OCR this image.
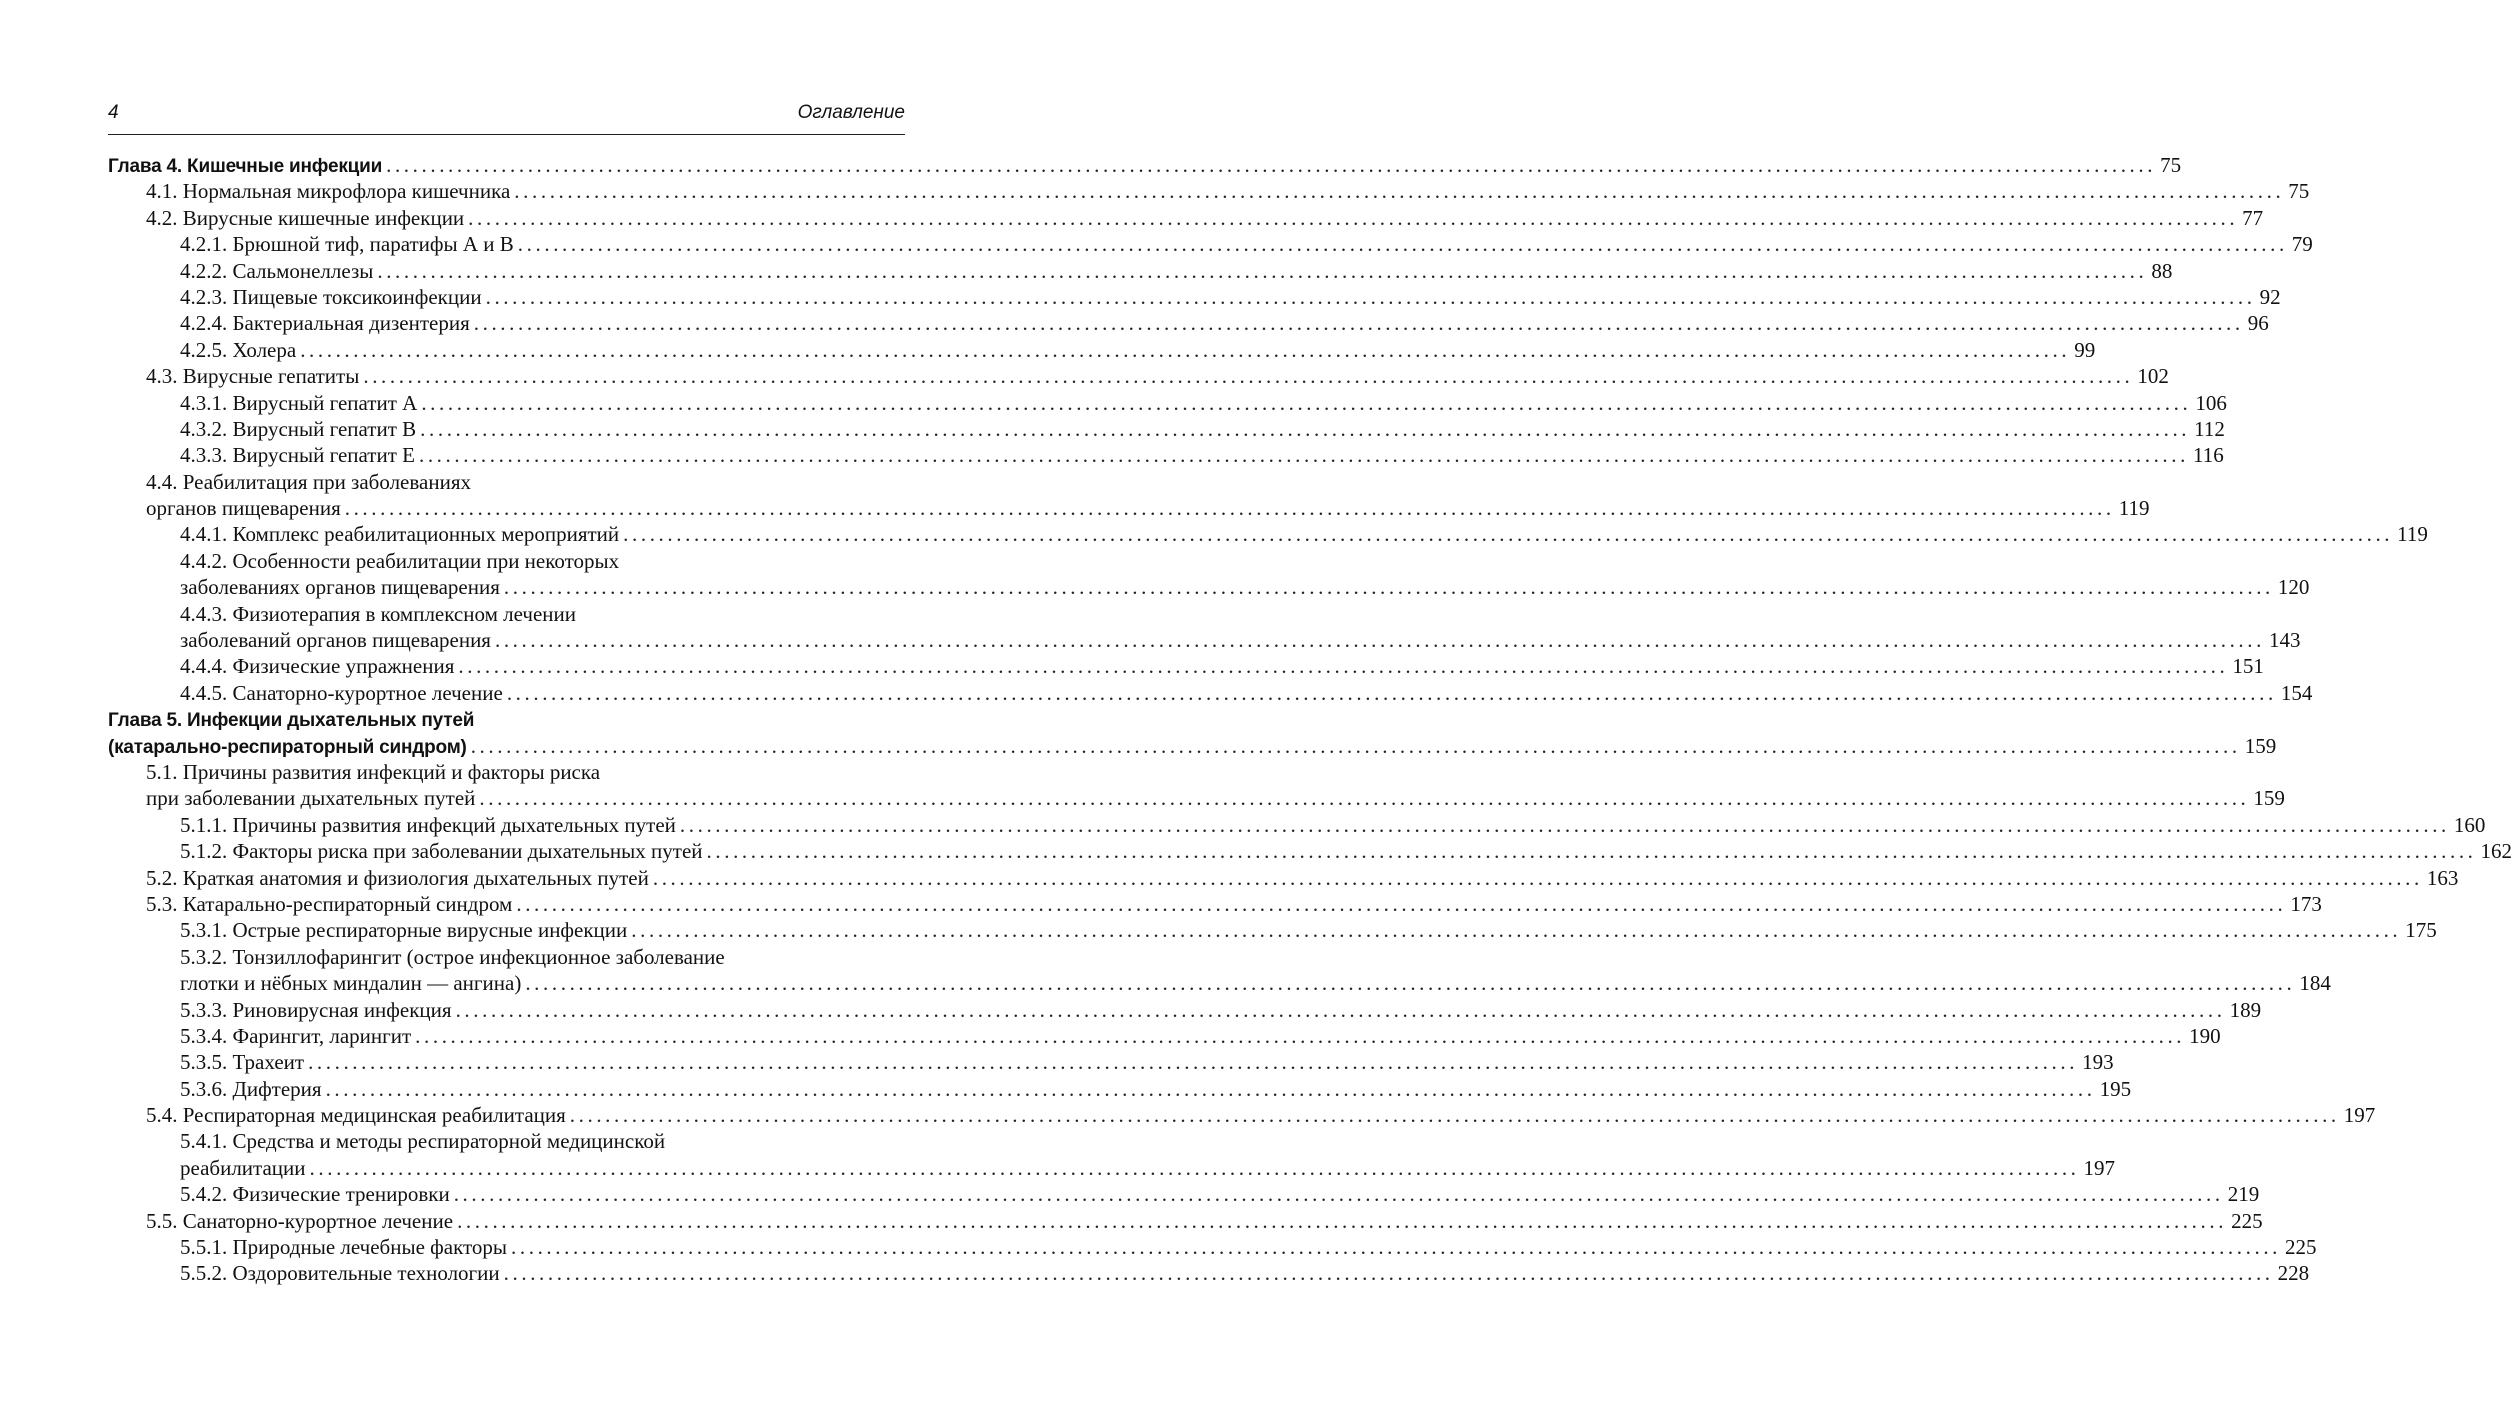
4	Оглавление
Глава 4. Кишечные инфекции ........................................................................................................................................................................................................ 75
4.1. Нормальная микрофлора кишечника ........................................................................................................................................................................................................ 75
4.2. Вирусные кишечные инфекции ........................................................................................................................................................................................................ 77
4.2.1. Брюшной тиф, паратифы А и В ........................................................................................................................................................................................................ 79
4.2.2. Сальмонеллезы ........................................................................................................................................................................................................ 88
4.2.3. Пищевые токсикоинфекции ........................................................................................................................................................................................................ 92
4.2.4. Бактериальная дизентерия ........................................................................................................................................................................................................ 96
4.2.5. Холера ........................................................................................................................................................................................................ 99
4.3. Вирусные гепатиты ........................................................................................................................................................................................................ 102
4.3.1. Вирусный гепатит А ........................................................................................................................................................................................................ 106
4.3.2. Вирусный гепатит В ........................................................................................................................................................................................................ 112
4.3.3. Вирусный гепатит Е ........................................................................................................................................................................................................ 116
4.4. Реабилитация при заболеваниях
органов пищеварения ........................................................................................................................................................................................................ 119
4.4.1. Комплекс реабилитационных мероприятий ........................................................................................................................................................................................................ 119
4.4.2. Особенности реабилитации при некоторых
заболеваниях органов пищеварения ........................................................................................................................................................................................................ 120
4.4.3. Физиотерапия в комплексном лечении
заболеваний органов пищеварения ........................................................................................................................................................................................................ 143
4.4.4. Физические упражнения ........................................................................................................................................................................................................ 151
4.4.5. Санаторно-курортное лечение ........................................................................................................................................................................................................ 154
Глава 5. Инфекции дыхательных путей
(катарально-респираторный синдром) ........................................................................................................................................................................................................ 159
5.1. Причины развития инфекций и факторы риска
при заболевании дыхательных путей ........................................................................................................................................................................................................ 159
5.1.1. Причины развития инфекций дыхательных путей ........................................................................................................................................................................................................ 160
5.1.2. Факторы риска при заболевании дыхательных путей ........................................................................................................................................................................................................ 162
5.2. Краткая анатомия и физиология дыхательных путей ........................................................................................................................................................................................................ 163
5.3. Катарально-респираторный синдром ........................................................................................................................................................................................................ 173
5.3.1. Острые респираторные вирусные инфекции ........................................................................................................................................................................................................ 175
5.3.2. Тонзиллофарингит (острое инфекционное заболевание
глотки и нёбных миндалин — ангина) ........................................................................................................................................................................................................ 184
5.3.3. Риновирусная инфекция ........................................................................................................................................................................................................ 189
5.3.4. Фарингит, ларингит ........................................................................................................................................................................................................ 190
5.3.5. Трахеит ........................................................................................................................................................................................................ 193
5.3.6. Дифтерия ........................................................................................................................................................................................................ 195
5.4. Респираторная медицинская реабилитация ........................................................................................................................................................................................................ 197
5.4.1. Средства и методы респираторной медицинской
реабилитации ........................................................................................................................................................................................................ 197
5.4.2. Физические тренировки ........................................................................................................................................................................................................ 219
5.5. Санаторно-курортное лечение ........................................................................................................................................................................................................ 225
5.5.1. Природные лечебные факторы ........................................................................................................................................................................................................ 225
5.5.2. Оздоровительные технологии ........................................................................................................................................................................................................ 228
